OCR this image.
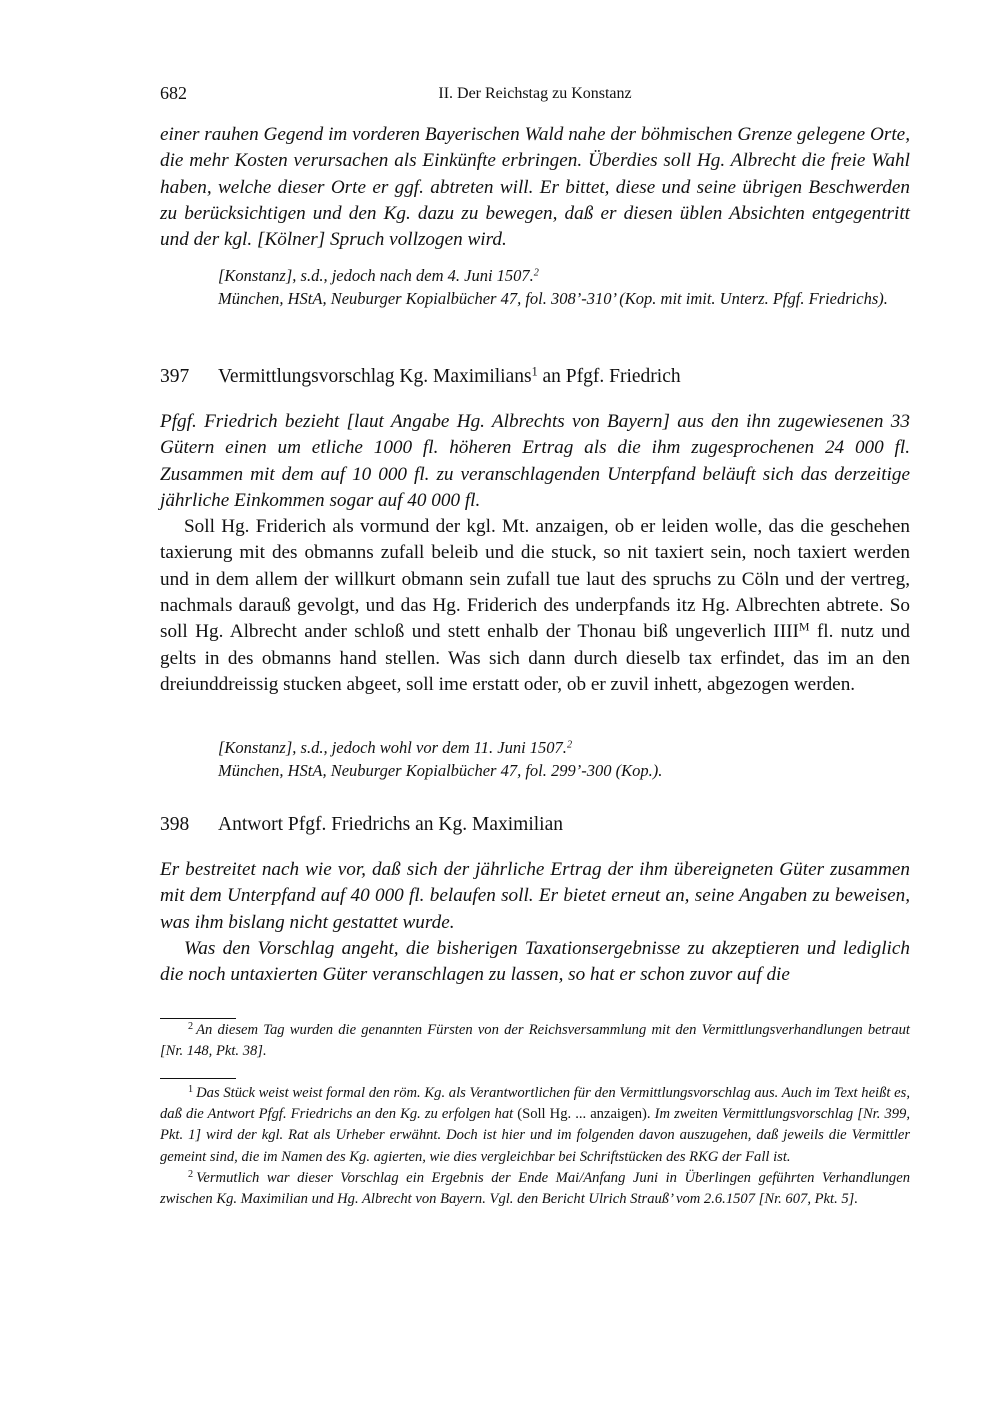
682	II. Der Reichstag zu Konstanz

einer rauhen Gegend im vorderen Bayerischen Wald nahe der böhmischen Grenze gelegene Orte, die mehr Kosten verursachen als Einkünfte erbringen. Überdies soll Hg. Albrecht die freie Wahl haben, welche dieser Orte er ggf. abtreten will. Er bittet, diese und seine übrigen Beschwerden zu berücksichtigen und den Kg. dazu zu bewegen, daß er diesen üblen Absichten entgegentritt und der kgl. [Kölner] Spruch vollzogen wird.

[Konstanz], s.d., jedoch nach dem 4. Juni 1507.$^2$

München, HStA, Neuburger Kopialbücher 47, fol. 308’-310’ (Kop. mit imit. Unterz. Pfgf. Friedrichs).

397 Vermittlungsvorschlag Kg. Maximilians$^1$ an Pfgf. Friedrich

Pfgf. Friedrich bezieht [laut Angabe Hg. Albrechts von Bayern] aus den ihn zugewiesenen 33 Gütern einen um etliche 1000 fl. höheren Ertrag als die ihm zugesprochenen 24 000 fl. Zusammen mit dem auf 10 000 fl. zu veranschlagenden Unterpfand beläuft sich das derzeitige jährliche Einkommen sogar auf 40 000 fl.

Soll Hg. Friderich als vormund der kgl. Mt. anzaigen, ob er leiden wolle, das die geschehen taxierung mit des obmanns zufall beleib und die stuck, so nit taxiert sein, noch taxiert werden und in dem allem der willkurt obmann sein zufall tue laut des spruchs zu Cöln und der vertreg, nachmals darauß gevolgt, und das Hg. Friderich des underpfands itz Hg. Albrechten abtrete. So soll Hg. Albrecht ander schloß und stett enhalb der Thonau biß ungeverlich $IIII^M$ fl. nutz und gelts in des obmanns hand stellen. Was sich dann durch dieselb tax erfindet, das im an den dreiunddreissig stucken abgeet, soll ime erstatt oder, ob er zuvil inhett, abgezogen werden.

[Konstanz], s.d., jedoch wohl vor dem 11. Juni 1507.$^2$

München, HStA, Neuburger Kopialbücher 47, fol. 299’-300 (Kop.).

398 Antwort Pfgf. Friedrichs an Kg. Maximilian

Er bestreitet nach wie vor, daß sich der jährliche Ertrag der ihm übereigneten Güter zusammen mit dem Unterpfand auf 40 000 fl. belaufen soll. Er bietet erneut an, seine Angaben zu beweisen, was ihm bislang nicht gestattet wurde.

Was den Vorschlag angeht, die bisherigen Taxationsergebnisse zu akzeptieren und lediglich die noch untaxierten Güter veranschlagen zu lassen, so hat er schon zuvor auf die

$^2$ An diesem Tag wurden die genannten Fürsten von der Reichsversammlung mit den Vermittlungsverhandlungen betraut [Nr. 148, Pkt. 38].

$^1$ Das Stück weist weist formal den röm. Kg. als Verantwortlichen für den Vermittlungsvorschlag aus. Auch im Text heißt es, daß die Antwort Pfgf. Friedrichs an den Kg. zu erfolgen hat (Soll Hg. ... anzaigen). Im zweiten Vermittlungsvorschlag [Nr. 399, Pkt. 1] wird der kgl. Rat als Urheber erwähnt. Doch ist hier und im folgenden davon auszugehen, daß jeweils die Vermittler gemeint sind, die im Namen des Kg. agierten, wie dies vergleichbar bei Schriftstücken des RKG der Fall ist.

$^2$ Vermutlich war dieser Vorschlag ein Ergebnis der Ende Mai/Anfang Juni in Überlingen geführten Verhandlungen zwischen Kg. Maximilian und Hg. Albrecht von Bayern. Vgl. den Bericht Ulrich Strauß’ vom 2.6.1507 [Nr. 607, Pkt. 5].
